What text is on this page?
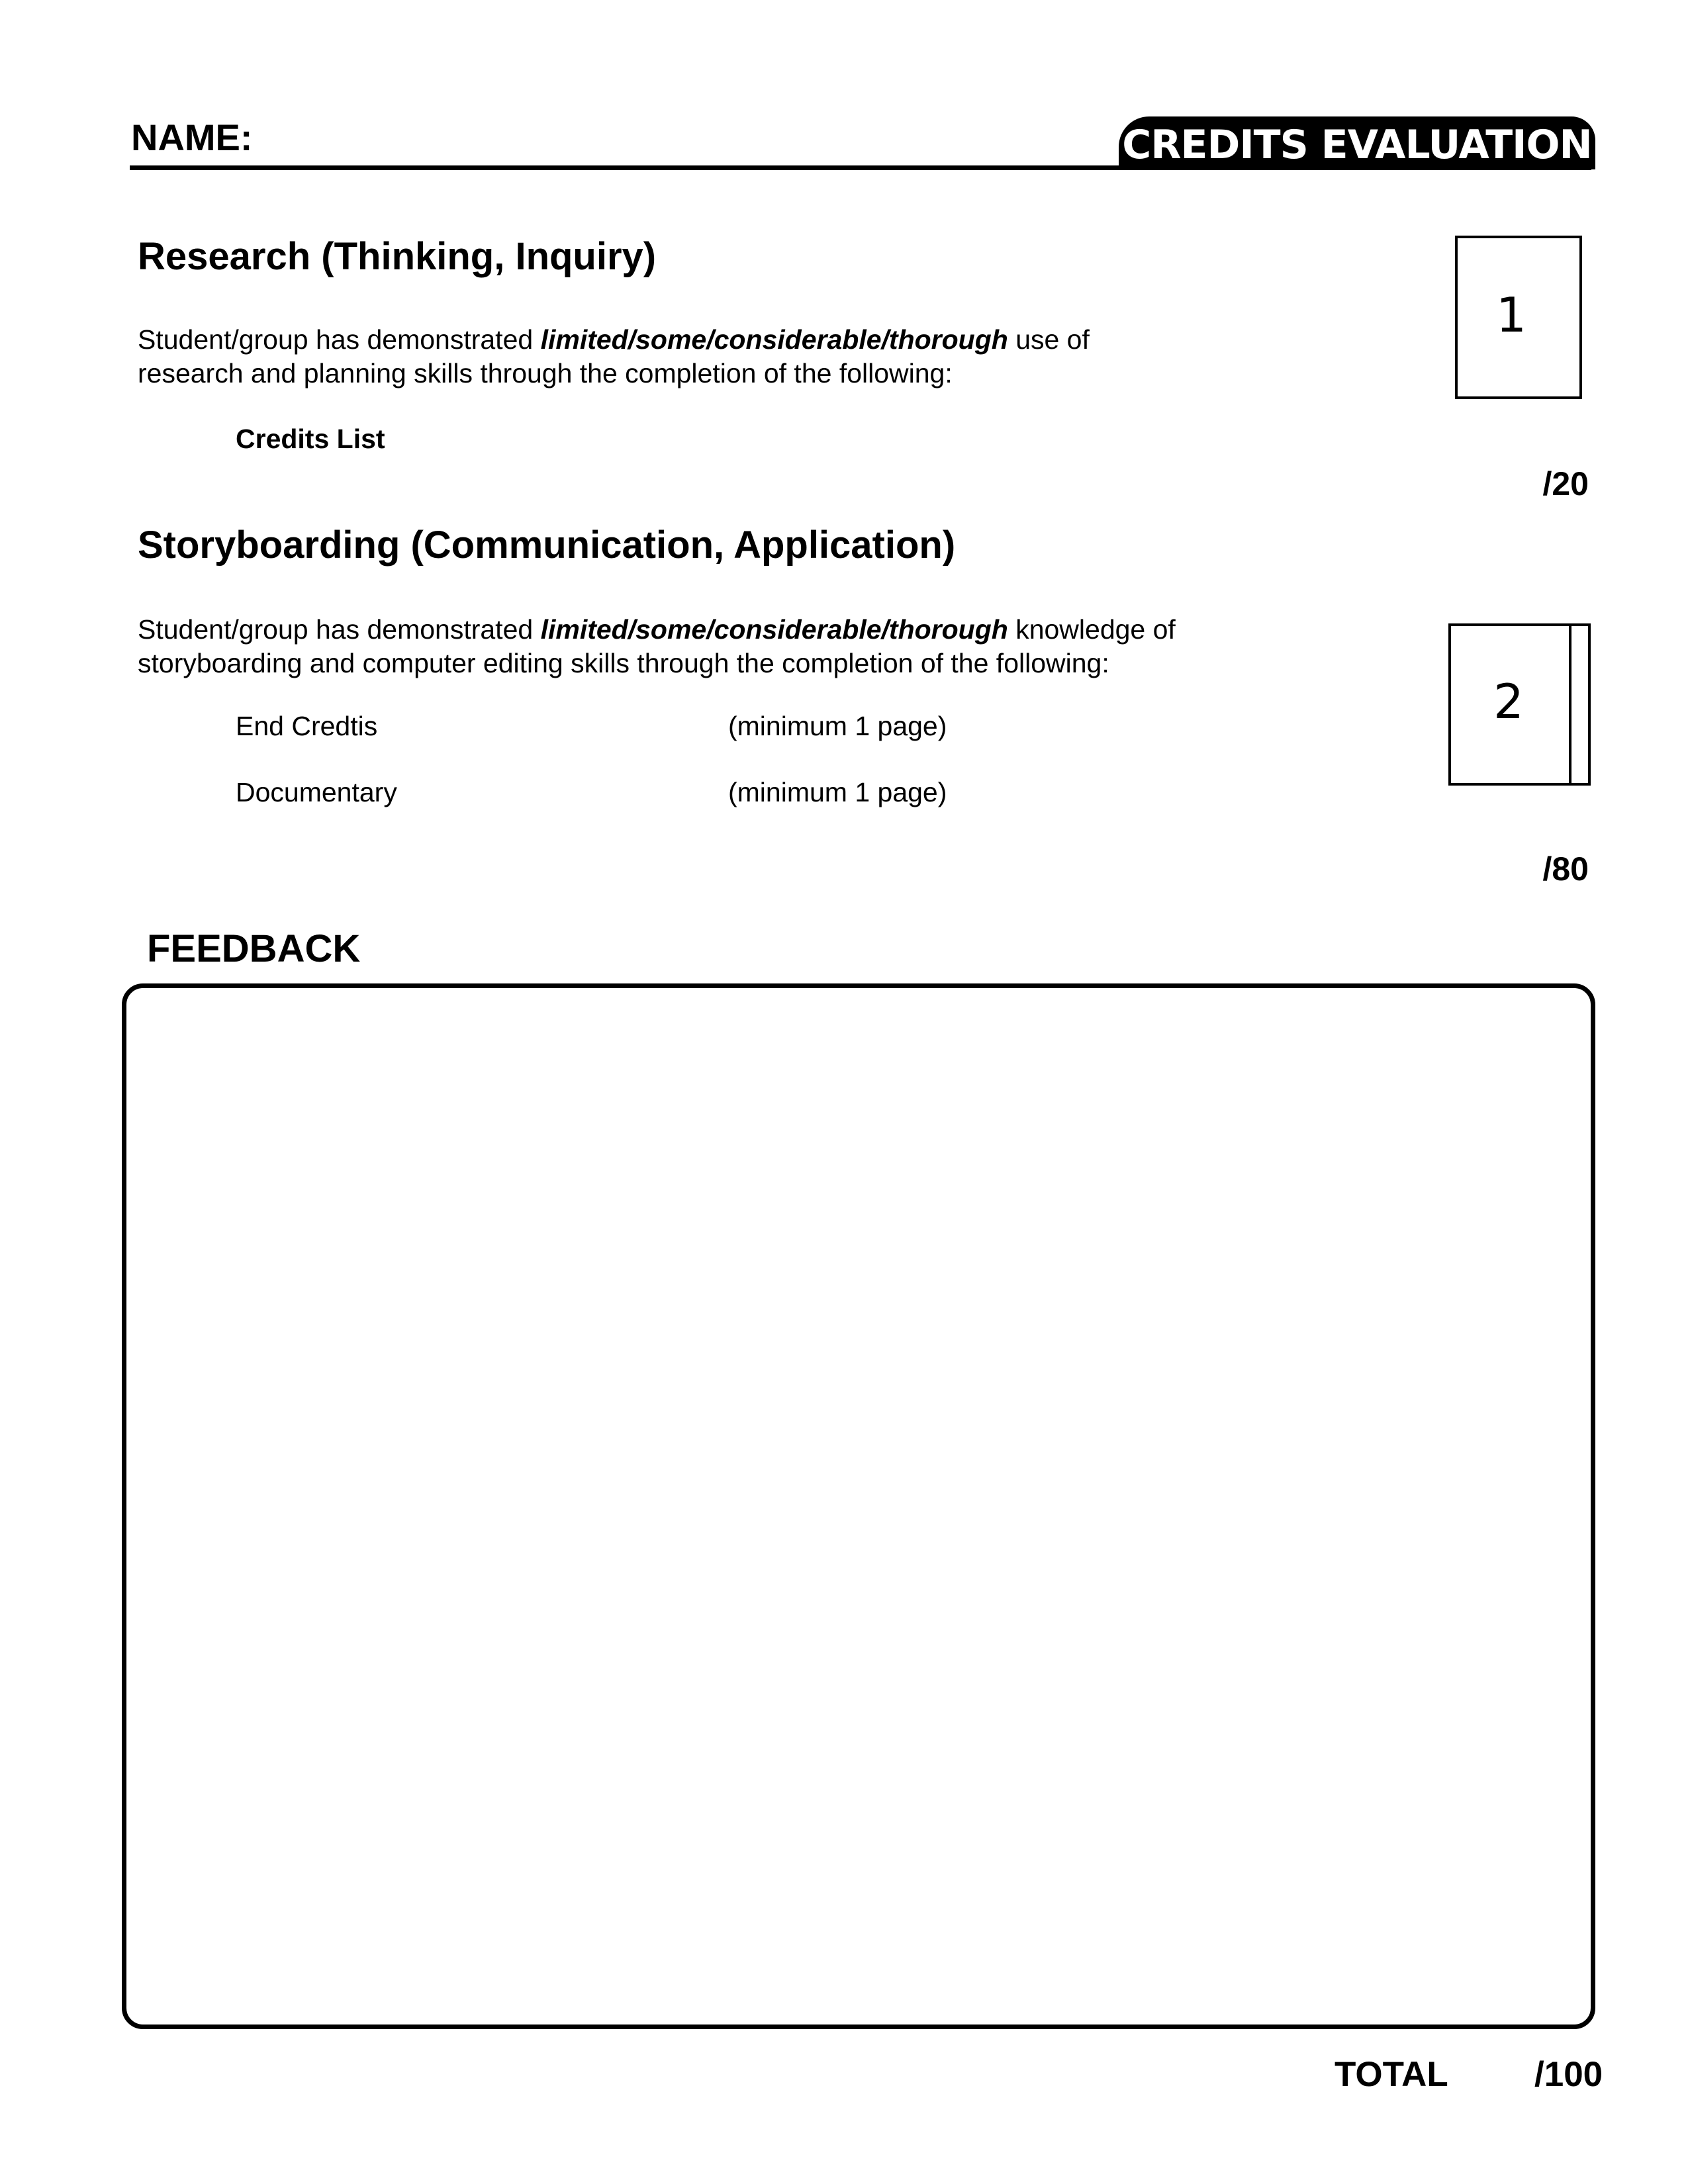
NAME:	CREDITS EVALUATION
Research (Thinking, Inquiry)
Student/group has demonstrated limited/some/considerable/thorough use of
research and planning skills through the completion of the following:
Credits List
1
/20
Storyboarding (Communication, Application)
Student/group has demonstrated limited/some/considerable/thorough knowledge of
storyboarding and computer editing skills through the completion of the following:
End Credtis	(minimum 1 page)
Documentary	(minimum 1 page)
2
/80
FEEDBACK
TOTAL /100
